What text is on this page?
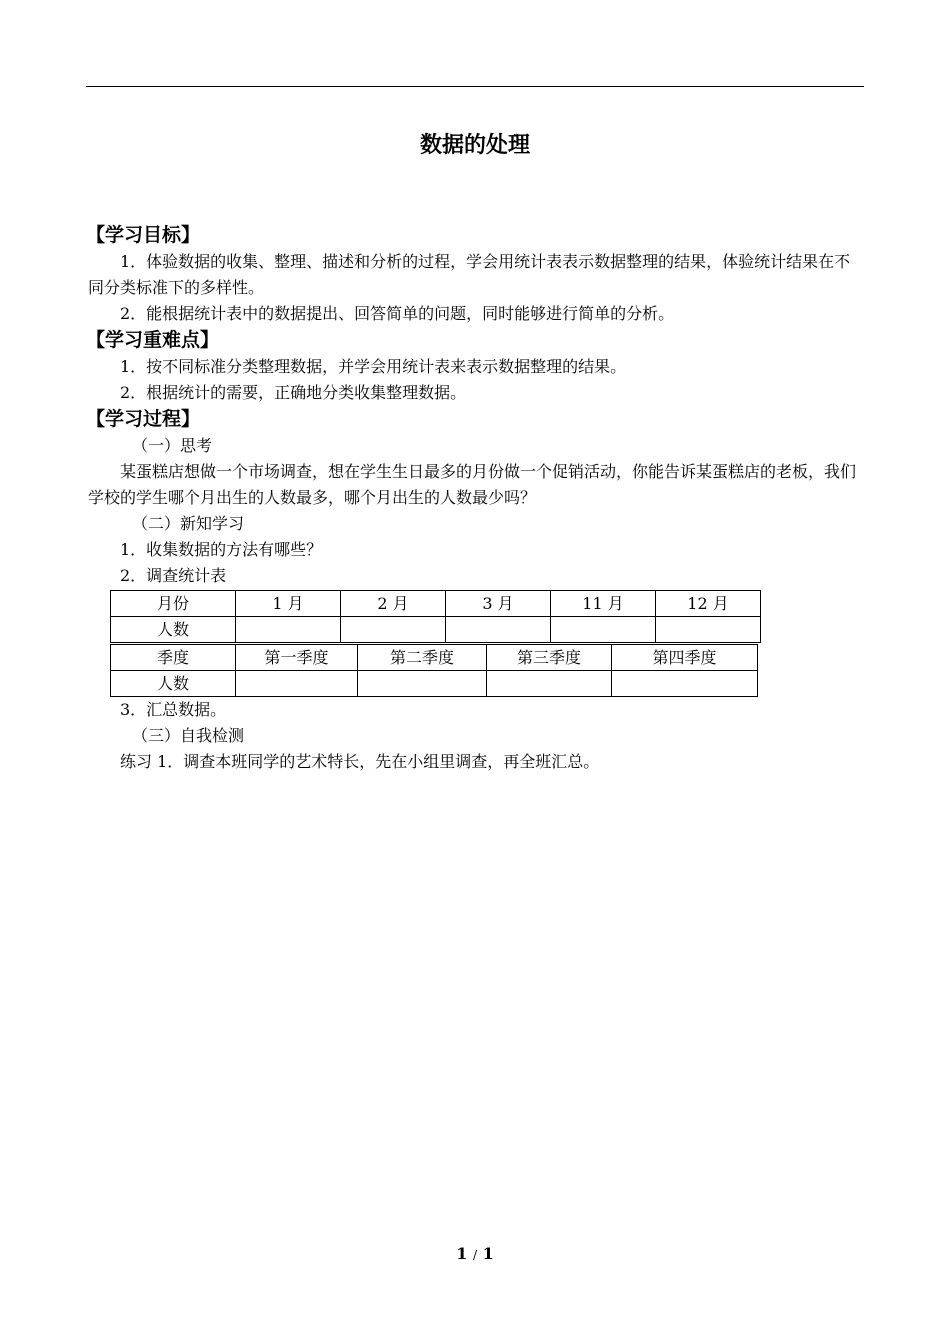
数据的处理
【学习目标】
1．体验数据的收集、整理、描述和分析的过程，学会用统计表表示数据整理的结果，体验统计结果在不同分类标准下的多样性。
2．能根据统计表中的数据提出、回答简单的问题，同时能够进行简单的分析。
【学习重难点】
1．按不同标准分类整理数据，并学会用统计表来表示数据整理的结果。
2．根据统计的需要，正确地分类收集整理数据。
【学习过程】
（一）思考
某蛋糕店想做一个市场调查，想在学生生日最多的月份做一个促销活动，你能告诉某蛋糕店的老板，我们学校的学生哪个月出生的人数最多，哪个月出生的人数最少吗？
（二）新知学习
1．收集数据的方法有哪些？
2．调查统计表
月份	1 月	2 月	3 月	11 月	12 月
人数					
季度	第一季度	第二季度	第三季度	第四季度
人数				
3．汇总数据。
（三）自我检测
练习 1．调查本班同学的艺术特长，先在小组里调查，再全班汇总。
1 / 1
